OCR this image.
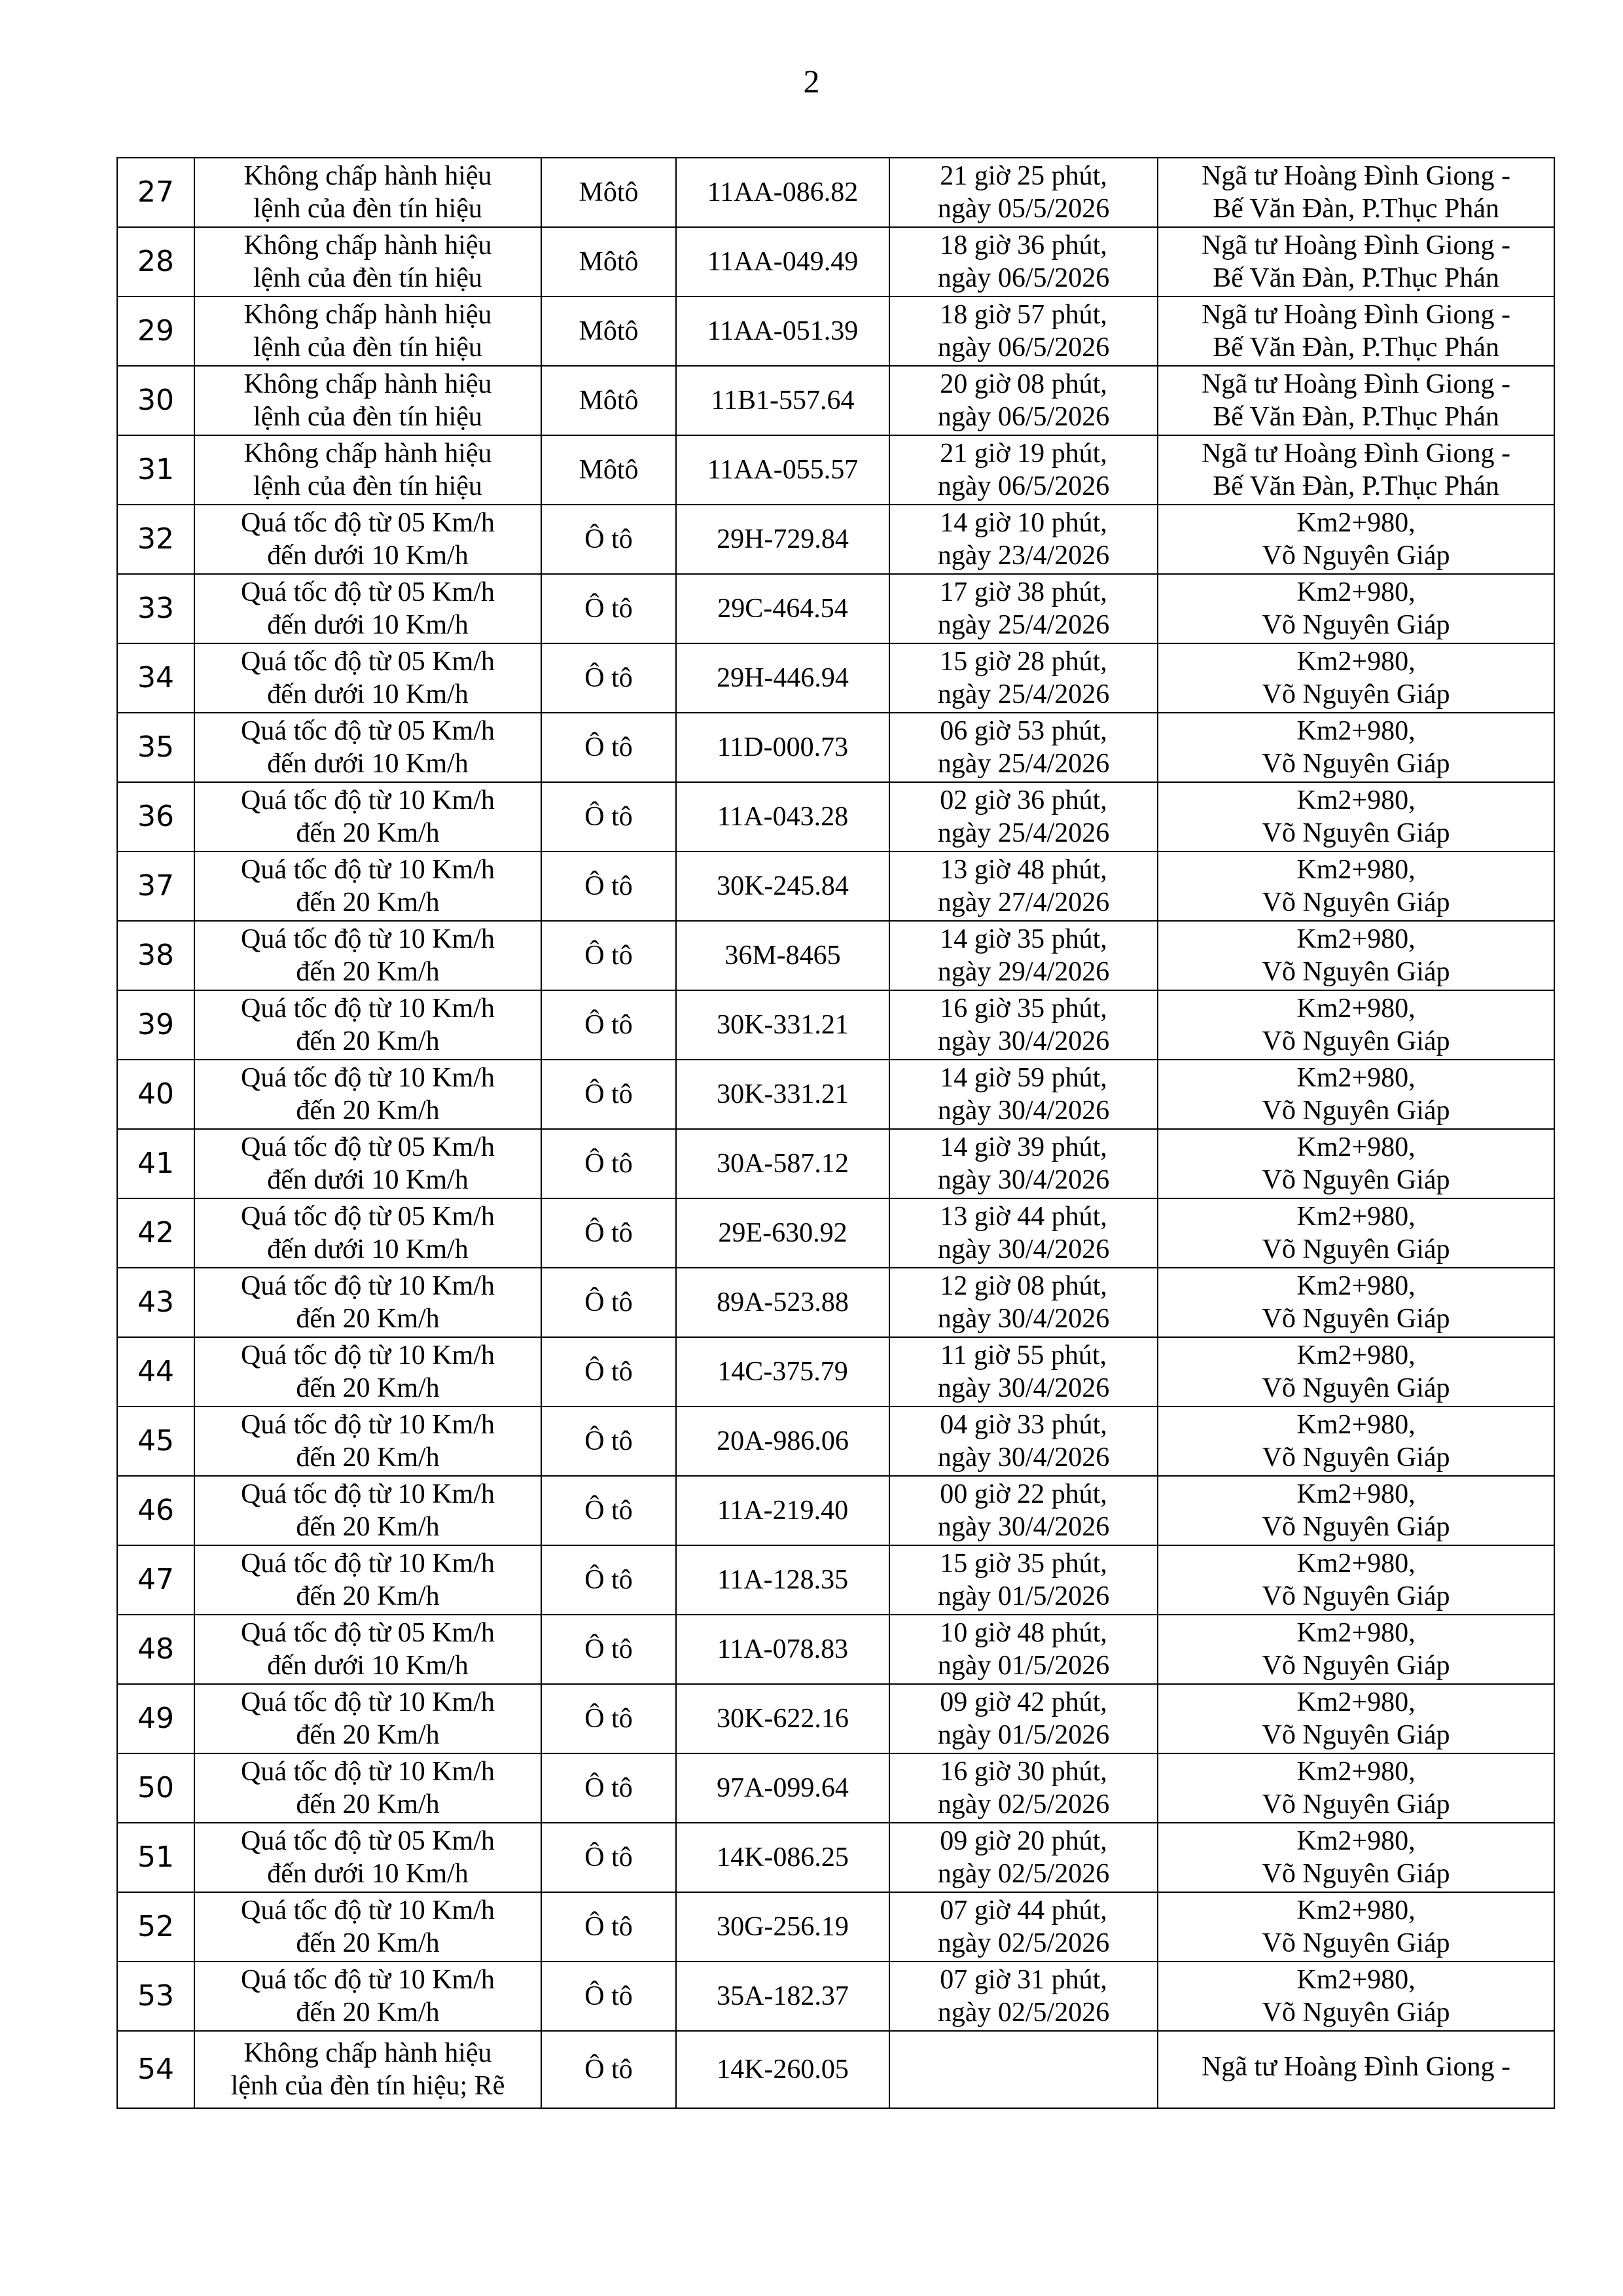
2
27	Không chấp hành hiệu
lệnh của đèn tín hiệu	Môtô	11AA-086.82	21 giờ 25 phút,
ngày 05/5/2026	Ngã tư Hoàng Đình Giong -
Bế Văn Đàn, P.Thục Phán

28	Không chấp hành hiệu
lệnh của đèn tín hiệu	Môtô	11AA-049.49	18 giờ 36 phút,
ngày 06/5/2026	Ngã tư Hoàng Đình Giong -
Bế Văn Đàn, P.Thục Phán

29	Không chấp hành hiệu
lệnh của đèn tín hiệu	Môtô	11AA-051.39	18 giờ 57 phút,
ngày 06/5/2026	Ngã tư Hoàng Đình Giong -
Bế Văn Đàn, P.Thục Phán

30	Không chấp hành hiệu
lệnh của đèn tín hiệu	Môtô	11B1-557.64	20 giờ 08 phút,
ngày 06/5/2026	Ngã tư Hoàng Đình Giong -
Bế Văn Đàn, P.Thục Phán

31	Không chấp hành hiệu
lệnh của đèn tín hiệu	Môtô	11AA-055.57	21 giờ 19 phút,
ngày 06/5/2026	Ngã tư Hoàng Đình Giong -
Bế Văn Đàn, P.Thục Phán

32	Quá tốc độ từ 05 Km/h
đến dưới 10 Km/h	Ô tô	29H-729.84	14 giờ 10 phút,
ngày 23/4/2026	Km2+980,
Võ Nguyên Giáp

33	Quá tốc độ từ 05 Km/h
đến dưới 10 Km/h	Ô tô	29C-464.54	17 giờ 38 phút,
ngày 25/4/2026	Km2+980,
Võ Nguyên Giáp

34	Quá tốc độ từ 05 Km/h
đến dưới 10 Km/h	Ô tô	29H-446.94	15 giờ 28 phút,
ngày 25/4/2026	Km2+980,
Võ Nguyên Giáp

35	Quá tốc độ từ 05 Km/h
đến dưới 10 Km/h	Ô tô	11D-000.73	06 giờ 53 phút,
ngày 25/4/2026	Km2+980,
Võ Nguyên Giáp

36	Quá tốc độ từ 10 Km/h
đến 20 Km/h	Ô tô	11A-043.28	02 giờ 36 phút,
ngày 25/4/2026	Km2+980,
Võ Nguyên Giáp

37	Quá tốc độ từ 10 Km/h
đến 20 Km/h	Ô tô	30K-245.84	13 giờ 48 phút,
ngày 27/4/2026	Km2+980,
Võ Nguyên Giáp

38	Quá tốc độ từ 10 Km/h
đến 20 Km/h	Ô tô	36M-8465	14 giờ 35 phút,
ngày 29/4/2026	Km2+980,
Võ Nguyên Giáp

39	Quá tốc độ từ 10 Km/h
đến 20 Km/h	Ô tô	30K-331.21	16 giờ 35 phút,
ngày 30/4/2026	Km2+980,
Võ Nguyên Giáp

40	Quá tốc độ từ 10 Km/h
đến 20 Km/h	Ô tô	30K-331.21	14 giờ 59 phút,
ngày 30/4/2026	Km2+980,
Võ Nguyên Giáp

41	Quá tốc độ từ 05 Km/h
đến dưới 10 Km/h	Ô tô	30A-587.12	14 giờ 39 phút,
ngày 30/4/2026	Km2+980,
Võ Nguyên Giáp

42	Quá tốc độ từ 05 Km/h
đến dưới 10 Km/h	Ô tô	29E-630.92	13 giờ 44 phút,
ngày 30/4/2026	Km2+980,
Võ Nguyên Giáp

43	Quá tốc độ từ 10 Km/h
đến 20 Km/h	Ô tô	89A-523.88	12 giờ 08 phút,
ngày 30/4/2026	Km2+980,
Võ Nguyên Giáp

44	Quá tốc độ từ 10 Km/h
đến 20 Km/h	Ô tô	14C-375.79	11 giờ 55 phút,
ngày 30/4/2026	Km2+980,
Võ Nguyên Giáp

45	Quá tốc độ từ 10 Km/h
đến 20 Km/h	Ô tô	20A-986.06	04 giờ 33 phút,
ngày 30/4/2026	Km2+980,
Võ Nguyên Giáp

46	Quá tốc độ từ 10 Km/h
đến 20 Km/h	Ô tô	11A-219.40	00 giờ 22 phút,
ngày 30/4/2026	Km2+980,
Võ Nguyên Giáp

47	Quá tốc độ từ 10 Km/h
đến 20 Km/h	Ô tô	11A-128.35	15 giờ 35 phút,
ngày 01/5/2026	Km2+980,
Võ Nguyên Giáp

48	Quá tốc độ từ 05 Km/h
đến dưới 10 Km/h	Ô tô	11A-078.83	10 giờ 48 phút,
ngày 01/5/2026	Km2+980,
Võ Nguyên Giáp

49	Quá tốc độ từ 10 Km/h
đến 20 Km/h	Ô tô	30K-622.16	09 giờ 42 phút,
ngày 01/5/2026	Km2+980,
Võ Nguyên Giáp

50	Quá tốc độ từ 10 Km/h
đến 20 Km/h	Ô tô	97A-099.64	16 giờ 30 phút,
ngày 02/5/2026	Km2+980,
Võ Nguyên Giáp

51	Quá tốc độ từ 05 Km/h
đến dưới 10 Km/h	Ô tô	14K-086.25	09 giờ 20 phút,
ngày 02/5/2026	Km2+980,
Võ Nguyên Giáp

52	Quá tốc độ từ 10 Km/h
đến 20 Km/h	Ô tô	30G-256.19	07 giờ 44 phút,
ngày 02/5/2026	Km2+980,
Võ Nguyên Giáp

53	Quá tốc độ từ 10 Km/h
đến 20 Km/h	Ô tô	35A-182.37	07 giờ 31 phút,
ngày 02/5/2026	Km2+980,
Võ Nguyên Giáp

54	Không chấp hành hiệu
lệnh của đèn tín hiệu; Rẽ	Ô tô	14K-260.05		Ngã tư Hoàng Đình Giong -
